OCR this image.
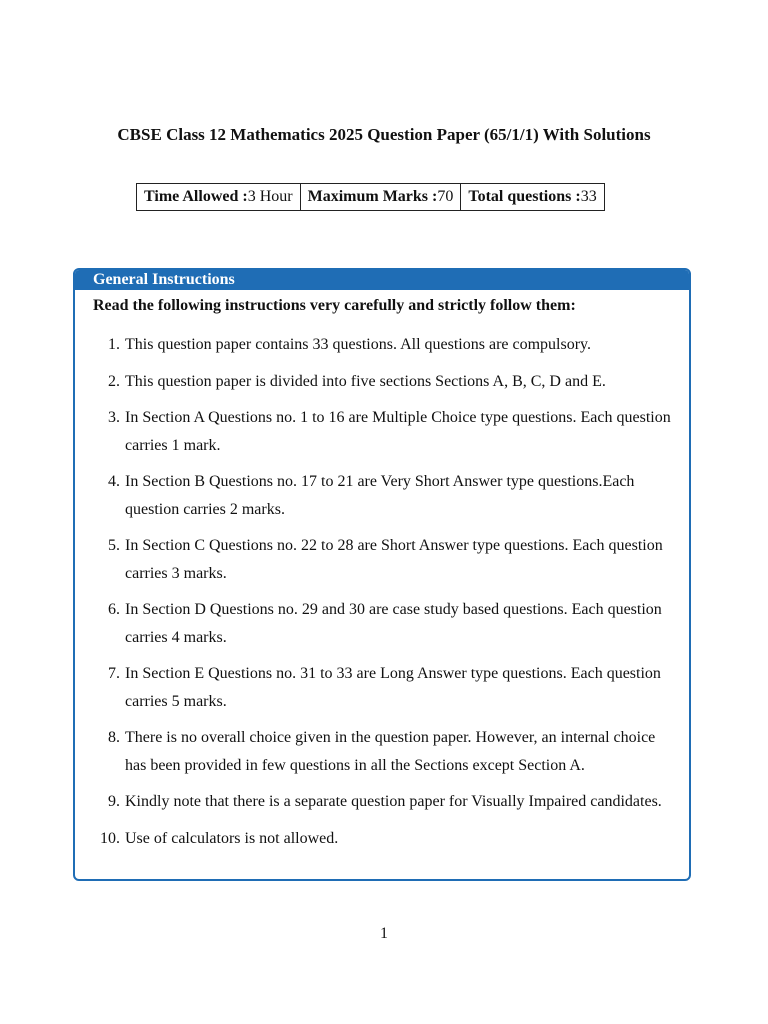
CBSE Class 12 Mathematics 2025 Question Paper (65/1/1) With Solutions
Time Allowed :3 Hour	Maximum Marks :70	Total questions :33
General Instructions
Read the following instructions very carefully and strictly follow them:
1. This question paper contains 33 questions. All questions are compulsory.
2. This question paper is divided into five sections Sections A, B, C, D and E.
3. In Section A Questions no. 1 to 16 are Multiple Choice type questions. Each question carries 1 mark.
4. In Section B Questions no. 17 to 21 are Very Short Answer type questions.Each question carries 2 marks.
5. In Section C Questions no. 22 to 28 are Short Answer type questions. Each question carries 3 marks.
6. In Section D Questions no. 29 and 30 are case study based questions. Each question carries 4 marks.
7. In Section E Questions no. 31 to 33 are Long Answer type questions. Each question carries 5 marks.
8. There is no overall choice given in the question paper. However, an internal choice has been provided in few questions in all the Sections except Section A.
9. Kindly note that there is a separate question paper for Visually Impaired candidates.
10. Use of calculators is not allowed.
1
